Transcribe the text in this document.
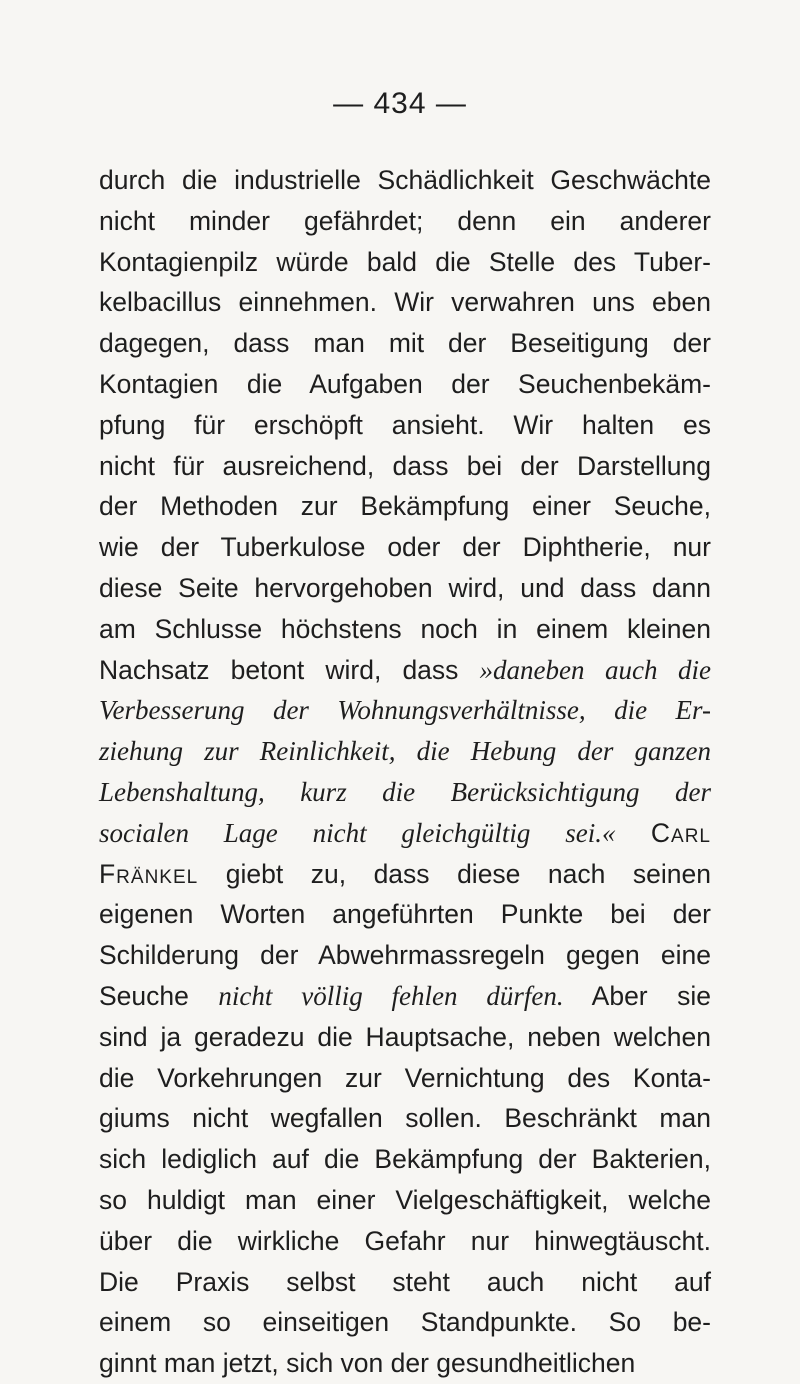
— 434 —
durch die industrielle Schädlichkeit Geschwächte
nicht minder gefährdet; denn ein anderer
Kontagienpilz würde bald die Stelle des Tuber-
kelbacillus einnehmen. Wir verwahren uns eben
dagegen, dass man mit der Beseitigung der
Kontagien die Aufgaben der Seuchenbekäm-
pfung für erschöpft ansieht. Wir halten es
nicht für ausreichend, dass bei der Darstellung
der Methoden zur Bekämpfung einer Seuche,
wie der Tuberkulose oder der Diphtherie, nur
diese Seite hervorgehoben wird, und dass dann
am Schlusse höchstens noch in einem kleinen
Nachsatz betont wird, dass »daneben auch die
Verbesserung der Wohnungsverhältnisse, die Er-
ziehung zur Reinlichkeit, die Hebung der ganzen
Lebenshaltung, kurz die Berücksichtigung der
socialen Lage nicht gleichgültig sei.« Carl
Fränkel giebt zu, dass diese nach seinen
eigenen Worten angeführten Punkte bei der
Schilderung der Abwehrmassregeln gegen eine
Seuche nicht völlig fehlen dürfen. Aber sie
sind ja geradezu die Hauptsache, neben welchen
die Vorkehrungen zur Vernichtung des Konta-
giums nicht wegfallen sollen. Beschränkt man
sich lediglich auf die Bekämpfung der Bakterien,
so huldigt man einer Vielgeschäftigkeit, welche
über die wirkliche Gefahr nur hinwegtäuscht.
Die Praxis selbst steht auch nicht auf
einem so einseitigen Standpunkte. So be-
ginnt man jetzt, sich von der gesundheitlichen
